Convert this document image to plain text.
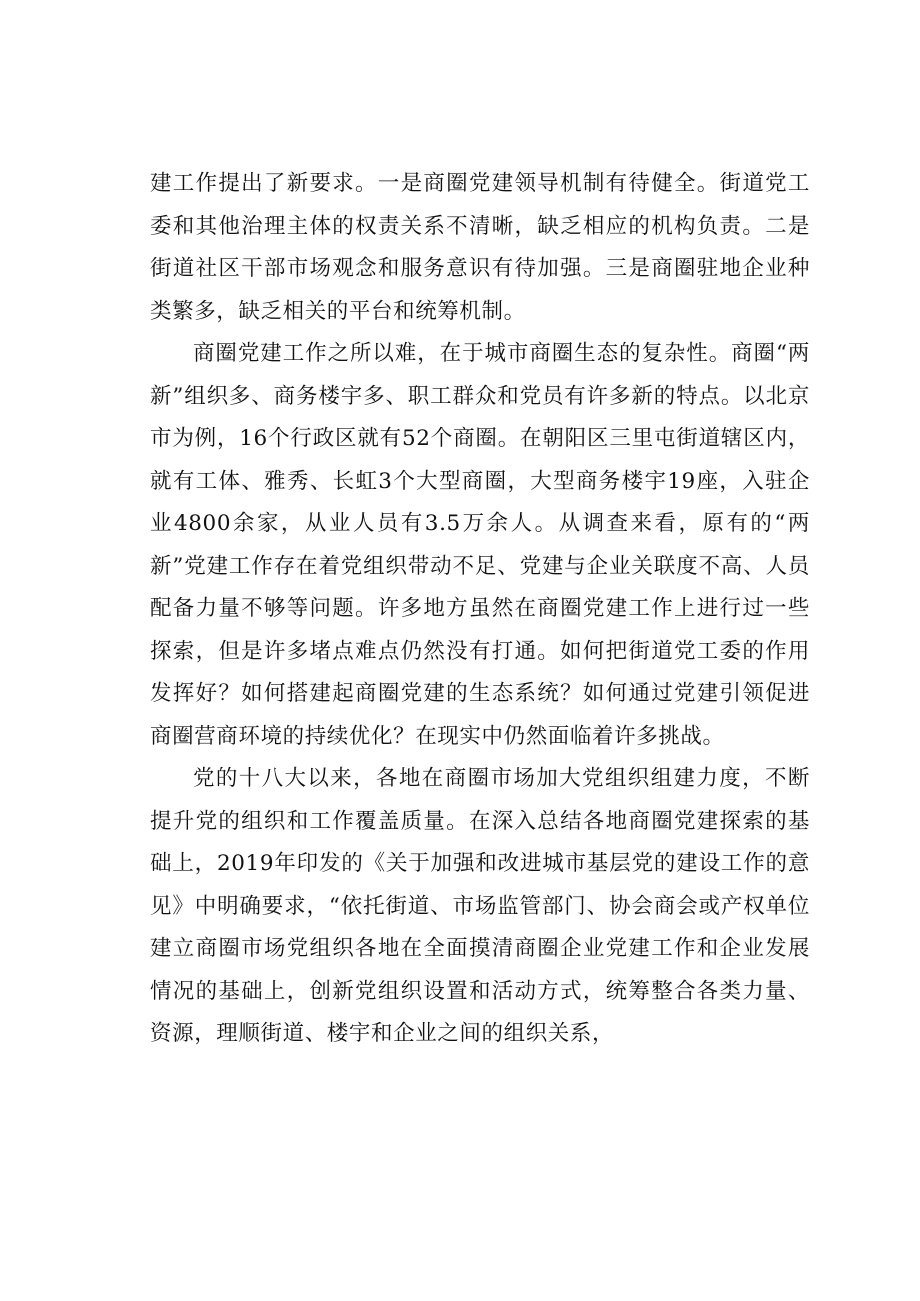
建工作提出了新要求。一是商圈党建领导机制有待健全。街道党工委和其他治理主体的权责关系不清晰，缺乏相应的机构负责。二是街道社区干部市场观念和服务意识有待加强。三是商圈驻地企业种类繁多，缺乏相关的平台和统筹机制。

商圈党建工作之所以难，在于城市商圈生态的复杂性。商圈“两新”组织多、商务楼宇多、职工群众和党员有许多新的特点。以北京市为例，16个行政区就有52个商圈。在朝阳区三里屯街道辖区内，就有工体、雅秀、长虹3个大型商圈，大型商务楼宇19座，入驻企业4800余家，从业人员有3.5万余人。从调查来看，原有的“两新”党建工作存在着党组织带动不足、党建与企业关联度不高、人员配备力量不够等问题。许多地方虽然在商圈党建工作上进行过一些探索，但是许多堵点难点仍然没有打通。如何把街道党工委的作用发挥好？如何搭建起商圈党建的生态系统？如何通过党建引领促进商圈营商环境的持续优化？在现实中仍然面临着许多挑战。

党的十八大以来，各地在商圈市场加大党组织组建力度，不断提升党的组织和工作覆盖质量。在深入总结各地商圈党建探索的基础上，2019年印发的《关于加强和改进城市基层党的建设工作的意见》中明确要求，“依托街道、市场监管部门、协会商会或产权单位建立商圈市场党组织各地在全面摸清商圈企业党建工作和企业发展情况的基础上，创新党组织设置和活动方式，统筹整合各类力量、资源，理顺街道、楼宇和企业之间的组织关系，
